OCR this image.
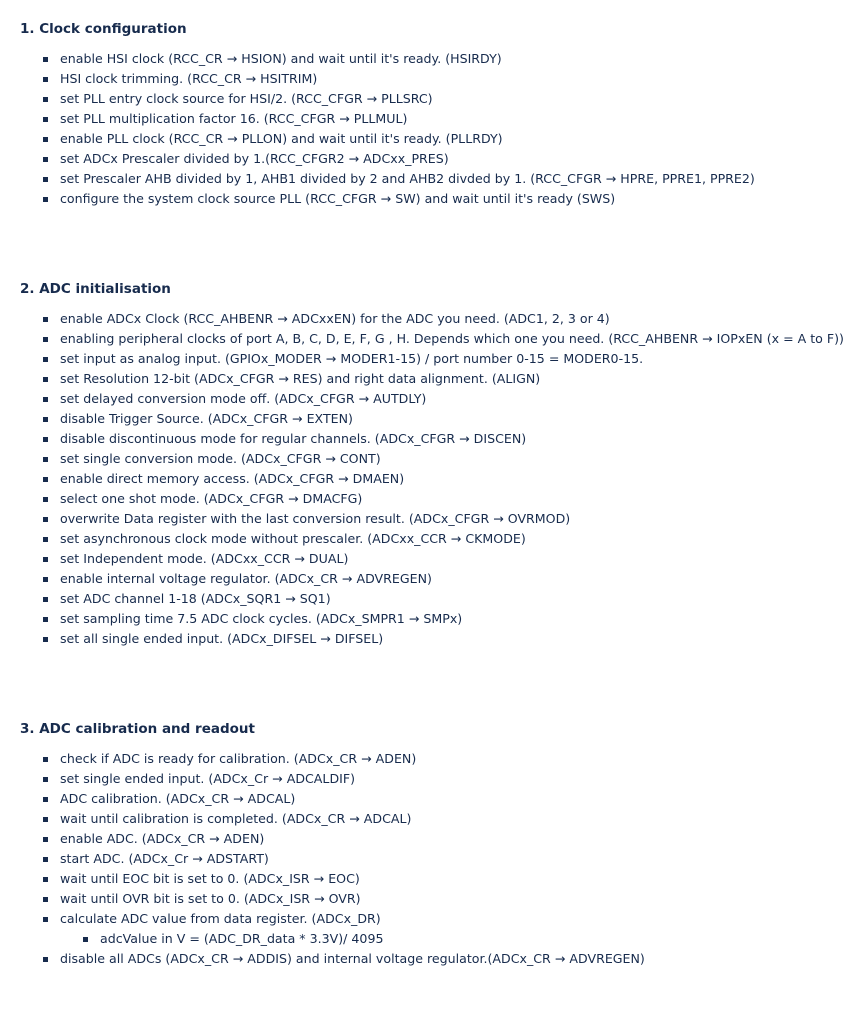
1. Clock configuration
enable HSI clock (RCC_CR → HSION) and wait until it's ready. (HSIRDY)
HSI clock trimming. (RCC_CR → HSITRIM)
set PLL entry clock source for HSI/2. (RCC_CFGR → PLLSRC)
set PLL multiplication factor 16. (RCC_CFGR → PLLMUL)
enable PLL clock (RCC_CR → PLLON) and wait until it's ready. (PLLRDY)
set ADCx Prescaler divided by 1.(RCC_CFGR2 → ADCxx_PRES)
set Prescaler AHB divided by 1, AHB1 divided by 2 and AHB2 divded by 1. (RCC_CFGR → HPRE, PPRE1, PPRE2)
configure the system clock source PLL (RCC_CFGR → SW) and wait until it's ready (SWS)
2. ADC initialisation
enable ADCx Clock (RCC_AHBENR → ADCxxEN) for the ADC you need. (ADC1, 2, 3 or 4)
enabling peripheral clocks of port A, B, C, D, E, F, G , H. Depends which one you need. (RCC_AHBENR → IOPxEN (x = A to F))
set input as analog input. (GPIOx_MODER → MODER1-15) / port number 0-15 = MODER0-15.
set Resolution 12-bit (ADCx_CFGR → RES) and right data alignment. (ALIGN)
set delayed conversion mode off. (ADCx_CFGR → AUTDLY)
disable Trigger Source. (ADCx_CFGR → EXTEN)
disable discontinuous mode for regular channels. (ADCx_CFGR → DISCEN)
set single conversion mode. (ADCx_CFGR → CONT)
enable direct memory access. (ADCx_CFGR → DMAEN)
select one shot mode. (ADCx_CFGR → DMACFG)
overwrite Data register with the last conversion result. (ADCx_CFGR → OVRMOD)
set asynchronous clock mode without prescaler. (ADCxx_CCR → CKMODE)
set Independent mode. (ADCxx_CCR → DUAL)
enable internal voltage regulator. (ADCx_CR → ADVREGEN)
set ADC channel 1-18 (ADCx_SQR1 → SQ1)
set sampling time 7.5 ADC clock cycles. (ADCx_SMPR1 → SMPx)
set all single ended input. (ADCx_DIFSEL → DIFSEL)
3. ADC calibration and readout
check if ADC is ready for calibration. (ADCx_CR → ADEN)
set single ended input. (ADCx_Cr → ADCALDIF)
ADC calibration. (ADCx_CR → ADCAL)
wait until calibration is completed. (ADCx_CR → ADCAL)
enable ADC. (ADCx_CR → ADEN)
start ADC. (ADCx_Cr → ADSTART)
wait until EOC bit is set to 0. (ADCx_ISR → EOC)
wait until OVR bit is set to 0. (ADCx_ISR → OVR)
calculate ADC value from data register. (ADCx_DR)
adcValue in V = (ADC_DR_data * 3.3V)/ 4095
disable all ADCs (ADCx_CR → ADDIS) and internal voltage regulator.(ADCx_CR → ADVREGEN)
